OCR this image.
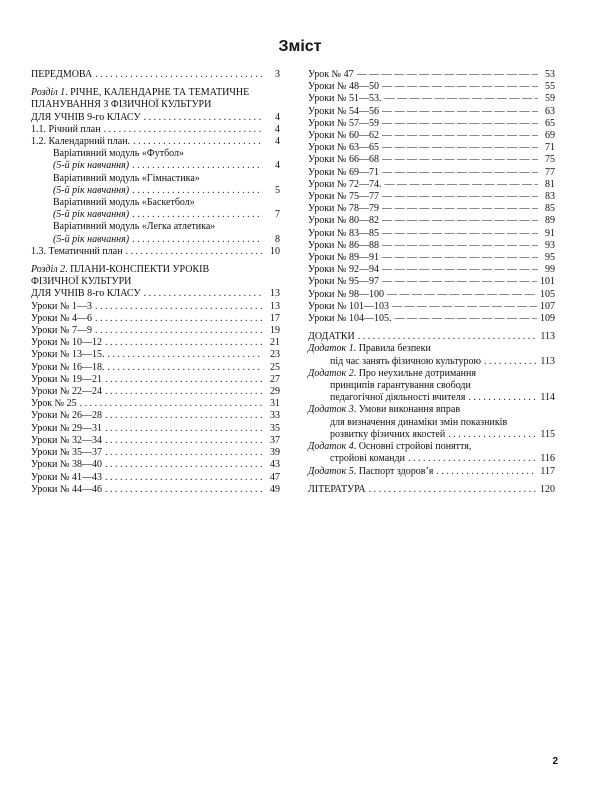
Зміст
ПЕРЕДМОВА . . .	3
Розділ 1. РІЧНЕ, КАЛЕНДАРНЕ ТА ТЕМАТИЧНЕ
ПЛАНУВАННЯ З ФІЗИЧНОЇ КУЛЬТУРИ
ДЛЯ УЧНІВ 9-го КЛАСУ . . .	4
1.1. Річний план . . .	4
1.2. Календарний план. . . .	4
Варіативний модуль «Футбол»
(5-й рік навчання) . . .	4
Варіативний модуль «Гімнастика»
(5-й рік навчання) . . .	5
Варіативний модуль «Баскетбол»
(5-й рік навчання) . . .	7
Варіативний модуль «Легка атлетика»
(5-й рік навчання) . . .	8
1.3. Тематичний план . . .	10
Розділ 2. ПЛАНИ-КОНСПЕКТИ УРОКІВ
ФІЗИЧНОЇ КУЛЬТУРИ
ДЛЯ УЧНІВ 8-го КЛАСУ . . .	13
Уроки № 1—3 . . .	13
Уроки № 4—6 . . .	17
Уроки № 7—9 . . .	19
Уроки № 10—12 . . .	21
Уроки № 13—15. . . .	23
Уроки № 16—18. . . .	25
Уроки № 19—21 . . .	27
Уроки № 22—24 . . .	29
Урок № 25 . . .	31
Уроки № 26—28 . . .	33
Уроки № 29—31 . . .	35
Уроки № 32—34 . . .	37
Уроки № 35—37 . . .	39
Уроки № 38—40 . . .	43
Уроки № 41—43 . . .	47
Уроки № 44—46 . . .	49
Урок № 47 — — —	53
Уроки № 48—50 — — —	55
Уроки № 51—53. — — —	59
Уроки № 54—56 — — —	63
Уроки № 57—59 — — —	65
Уроки № 60—62 — — —	69
Уроки № 63—65 — — —	71
Уроки № 66—68 — — —	75
Уроки № 69—71 — — —	77
Уроки № 72—74. — — —	81
Уроки № 75—77 — — —	83
Уроки № 78—79 — — —	85
Уроки № 80—82 — — —	89
Уроки № 83—85 — — —	91
Уроки № 86—88 — — —	93
Уроки № 89—91 — — —	95
Уроки № 92—94 — — —	99
Уроки № 95—97 — — —	101
Уроки № 98—100 — — —	105
Уроки № 101—103 — — —	107
Уроки № 104—105. — — —	109
ДОДАТКИ . . .	113
Додаток 1. Правила безпеки
під час занять фізичною культурою . . .	113
Додаток 2. Про неухильне дотримання
принципів гарантування свободи
педагогічної діяльності вчителя . . .	114
Додаток 3. Умови виконання вправ
для визначення динаміки змін показників
розвитку фізичних якостей . . .	115
Додаток 4. Основні стройові поняття,
стройові команди . . .	116
Додаток 5. Паспорт здоров’я . . .	117
ЛІТЕРАТУРА . . .	120
2
